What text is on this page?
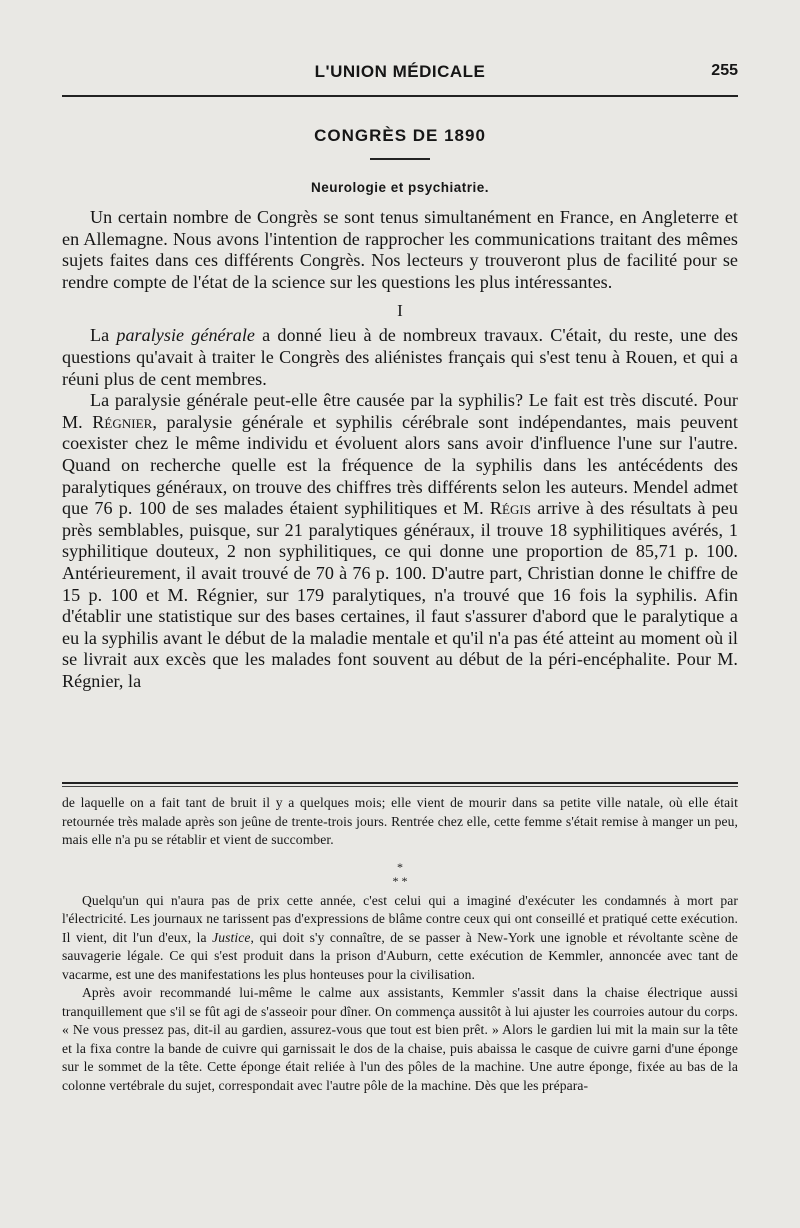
L'UNION MÉDICALE	255
CONGRÈS DE 1890
Neurologie et psychiatrie.

Un certain nombre de Congrès se sont tenus simultanément en France, en Angleterre et en Allemagne. Nous avons l'intention de rapprocher les communications traitant des mêmes sujets faites dans ces différents Congrès. Nos lecteurs y trouveront plus de facilité pour se rendre compte de l'état de la science sur les questions les plus intéressantes.

I

La paralysie générale a donné lieu à de nombreux travaux. C'était, du reste, une des questions qu'avait à traiter le Congrès des aliénistes français qui s'est tenu à Rouen, et qui a réuni plus de cent membres.

La paralysie générale peut-elle être causée par la syphilis? Le fait est très discuté. Pour M. Régnier, paralysie générale et syphilis cérébrale sont indépendantes, mais peuvent coexister chez le même individu et évoluent alors sans avoir d'influence l'une sur l'autre. Quand on recherche quelle est la fréquence de la syphilis dans les antécédents des paralytiques généraux, on trouve des chiffres très différents selon les auteurs. Mendel admet que 76 p. 100 de ses malades étaient syphilitiques et M. Régis arrive à des résultats à peu près semblables, puisque, sur 21 paralytiques généraux, il trouve 18 syphilitiques avérés, 1 syphilitique douteux, 2 non syphilitiques, ce qui donne une proportion de 85,71 p. 100. Antérieurement, il avait trouvé de 70 à 76 p. 100. D'autre part, Christian donne le chiffre de 15 p. 100 et M. Régnier, sur 179 paralytiques, n'a trouvé que 16 fois la syphilis. Afin d'établir une statistique sur des bases certaines, il faut s'assurer d'abord que le paralytique a eu la syphilis avant le début de la maladie mentale et qu'il n'a pas été atteint au moment où il se livrait aux excès que les malades font souvent au début de la péri-encéphalite. Pour M. Régnier, la

de laquelle on a fait tant de bruit il y a quelques mois; elle vient de mourir dans sa petite ville natale, où elle était retournée très malade après son jeûne de trente-trois jours. Rentrée chez elle, cette femme s'était remise à manger un peu, mais elle n'a pu se rétablir et vient de succomber.

*
* *

Quelqu'un qui n'aura pas de prix cette année, c'est celui qui a imaginé d'exécuter les condamnés à mort par l'électricité. Les journaux ne tarissent pas d'expressions de blâme contre ceux qui ont conseillé et pratiqué cette exécution. Il vient, dit l'un d'eux, la Justice, qui doit s'y connaître, de se passer à New-York une ignoble et révoltante scène de sauvagerie légale. Ce qui s'est produit dans la prison d'Auburn, cette exécution de Kemmler, annoncée avec tant de vacarme, est une des manifestations les plus honteuses pour la civilisation.

Après avoir recommandé lui-même le calme aux assistants, Kemmler s'assit dans la chaise électrique aussi tranquillement que s'il se fût agi de s'asseoir pour dîner. On commença aussitôt à lui ajuster les courroies autour du corps. « Ne vous pressez pas, dit-il au gardien, assurez-vous que tout est bien prêt. » Alors le gardien lui mit la main sur la tête et la fixa contre la bande de cuivre qui garnissait le dos de la chaise, puis abaissa le casque de cuivre garni d'une éponge sur le sommet de la tête. Cette éponge était reliée à l'un des pôles de la machine. Une autre éponge, fixée au bas de la colonne vertébrale du sujet, correspondait avec l'autre pôle de la machine. Dès que les prépara-
